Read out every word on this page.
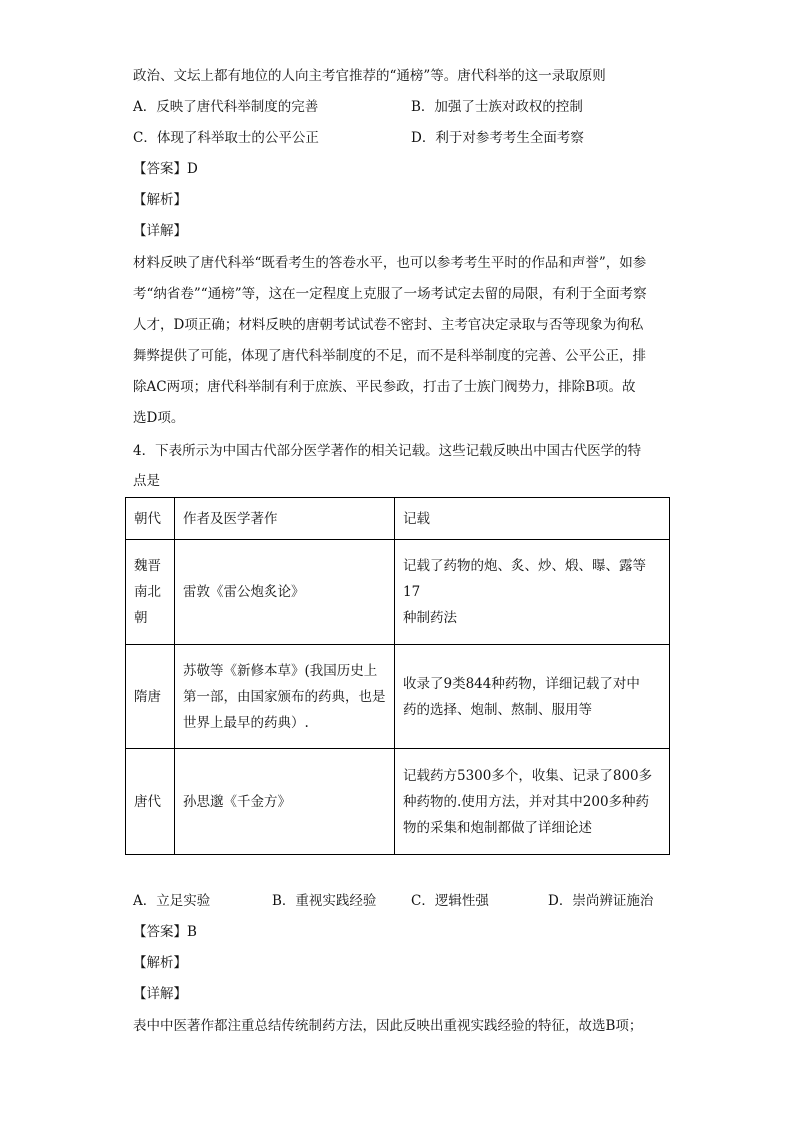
政治、文坛上都有地位的人向主考官推荐的“通榜”等。唐代科举的这一录取原则
A．反映了唐代科举制度的完善	B．加强了士族对政权的控制
C．体现了科举取士的公平公正	D．利于对参考考生全面考察
【答案】D
【解析】
【详解】
材料反映了唐代科举“既看考生的答卷水平，也可以参考考生平时的作品和声誉”，如参
考“纳省卷”“通榜”等，这在一定程度上克服了一场考试定去留的局限，有利于全面考察
人才，D项正确；材料反映的唐朝考试试卷不密封、主考官决定录取与否等现象为徇私
舞弊提供了可能，体现了唐代科举制度的不足，而不是科举制度的完善、公平公正，排
除AC两项；唐代科举制有利于庶族、平民参政，打击了士族门阀势力，排除B项。故
选D项。
4．下表所示为中国古代部分医学著作的相关记载。这些记载反映出中国古代医学的特
点是
朝代	作者及医学著作	记载
魏晋
南北
朝	雷敦《雷公炮炙论》	记载了药物的炮、炙、炒、煅、曝、露等17
种制药法
隋唐	苏敬等《新修本草》(我国历史上
第一部，由国家颁布的药典，也是
世界上最早的药典）.	收录了9类844种药物，详细记载了对中
药的选择、炮制、熬制、服用等
唐代	孙思邈《千金方》	记载药方5300多个，收集、记录了800多
种药物的.使用方法，并对其中200多种药
物的采集和炮制都做了详细论述
A．立足实验	B．重视实践经验	C．逻辑性强	D．崇尚辨证施治
【答案】B
【解析】
【详解】
表中中医著作都注重总结传统制药方法，因此反映出重视实践经验的特征，故选B项；
